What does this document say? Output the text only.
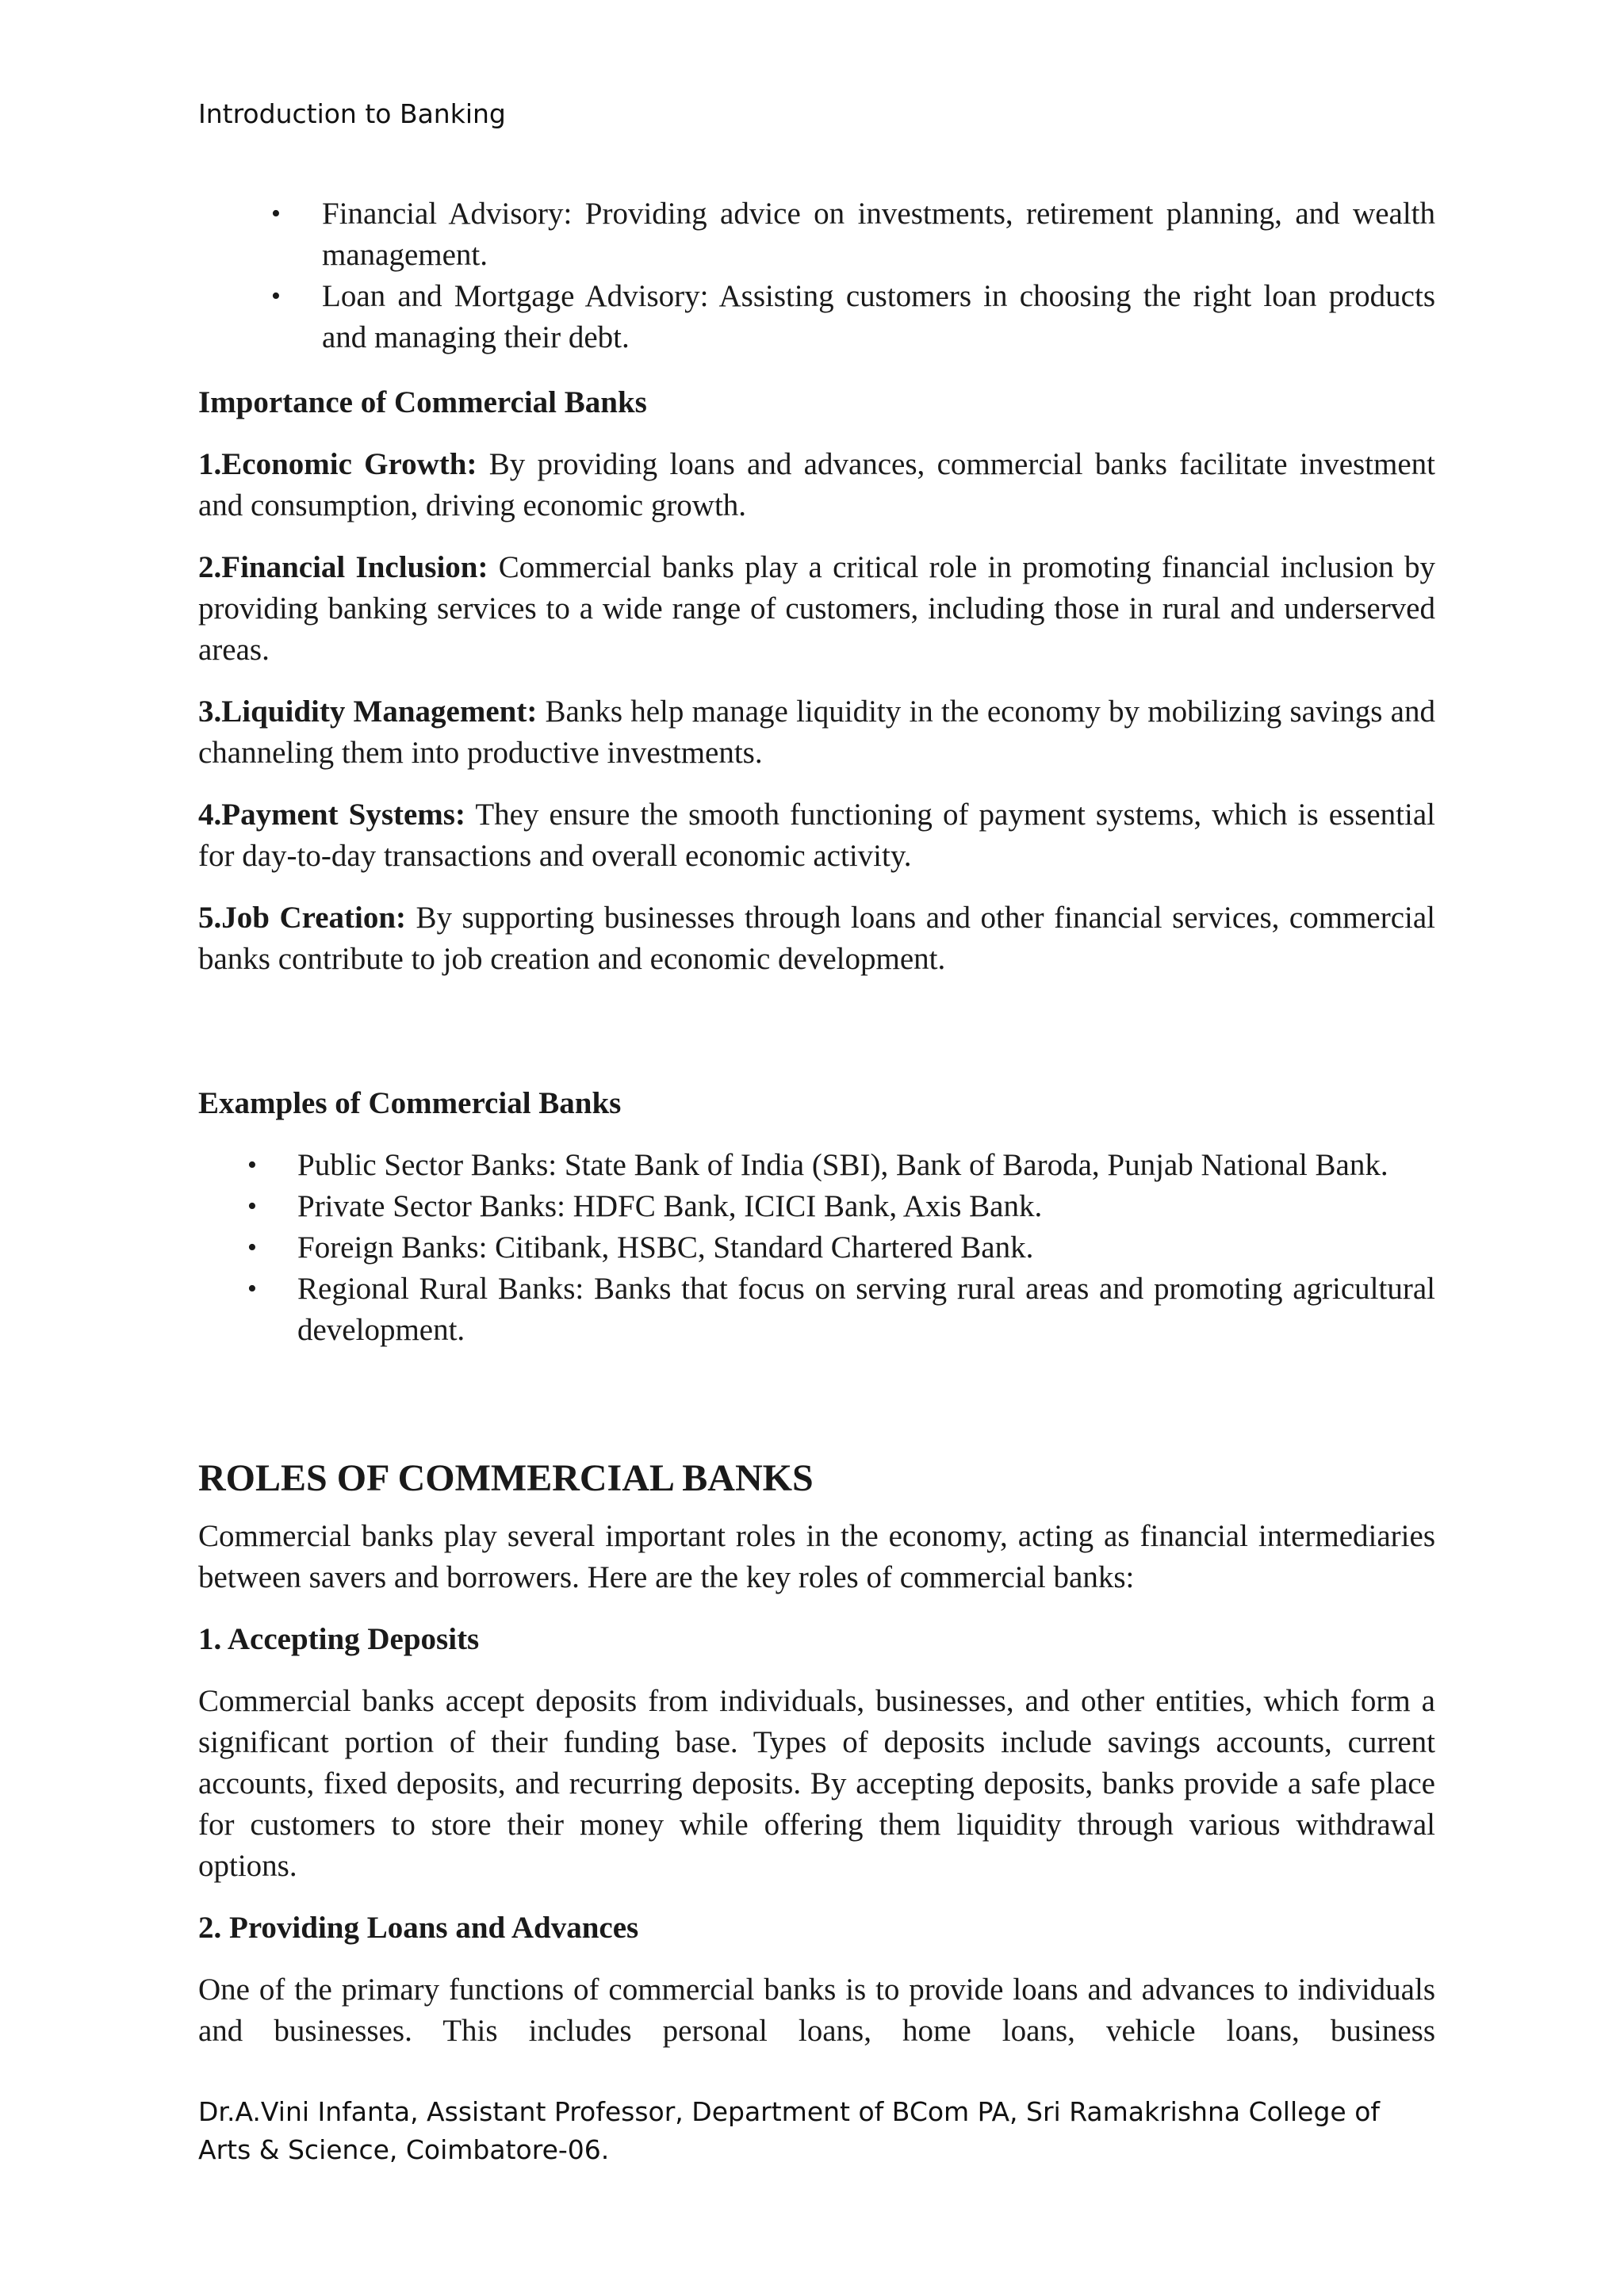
Introduction to Banking
• Financial Advisory: Providing advice on investments, retirement planning, and wealth management.
• Loan and Mortgage Advisory: Assisting customers in choosing the right loan products and managing their debt.

Importance of Commercial Banks

1.Economic Growth: By providing loans and advances, commercial banks facilitate investment and consumption, driving economic growth.

2.Financial Inclusion: Commercial banks play a critical role in promoting financial inclusion by providing banking services to a wide range of customers, including those in rural and underserved areas.

3.Liquidity Management: Banks help manage liquidity in the economy by mobilizing savings and channeling them into productive investments.

4.Payment Systems: They ensure the smooth functioning of payment systems, which is essential for day-to-day transactions and overall economic activity.

5.Job Creation: By supporting businesses through loans and other financial services, commercial banks contribute to job creation and economic development.

Examples of Commercial Banks

• Public Sector Banks: State Bank of India (SBI), Bank of Baroda, Punjab National Bank.
• Private Sector Banks: HDFC Bank, ICICI Bank, Axis Bank.
• Foreign Banks: Citibank, HSBC, Standard Chartered Bank.
• Regional Rural Banks: Banks that focus on serving rural areas and promoting agricultural development.
ROLES OF COMMERCIAL BANKS

Commercial banks play several important roles in the economy, acting as financial intermediaries between savers and borrowers. Here are the key roles of commercial banks:

1. Accepting Deposits

Commercial banks accept deposits from individuals, businesses, and other entities, which form a significant portion of their funding base. Types of deposits include savings accounts, current accounts, fixed deposits, and recurring deposits. By accepting deposits, banks provide a safe place for customers to store their money while offering them liquidity through various withdrawal options.

2. Providing Loans and Advances

One of the primary functions of commercial banks is to provide loans and advances to individuals and businesses. This includes personal loans, home loans, vehicle loans, business

Dr.A.Vini Infanta, Assistant Professor, Department of BCom PA, Sri Ramakrishna College of Arts & Science, Coimbatore-06.
